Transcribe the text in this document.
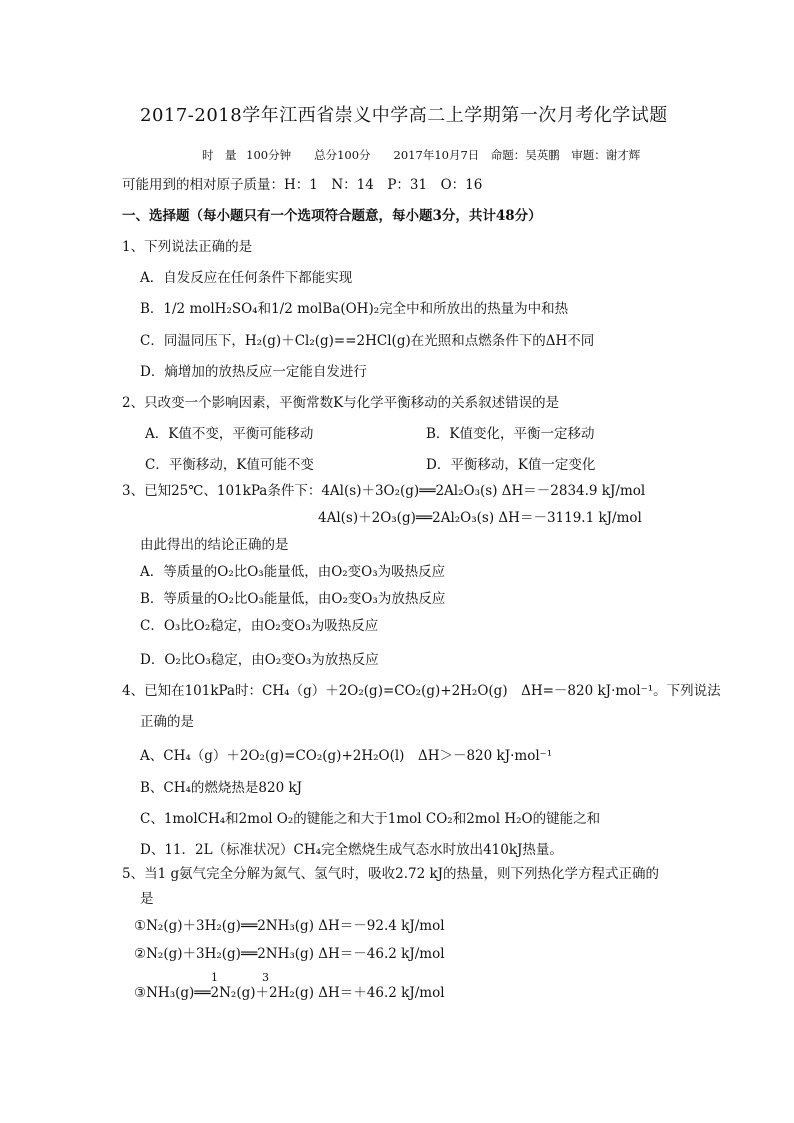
2017-2018学年江西省崇义中学高二上学期第一次月考化学试题
时　量 100分钟　　总分100分　　2017年10月7日　命题：吴英鹏　审题：谢才辉
可能用到的相对原子质量：H：1　N：14　P：31　O：16
一、选择题（每小题只有一个选项符合题意，每小题3分，共计48分）
1、下列说法正确的是
A．自发反应在任何条件下都能实现
B．1/2 molH₂SO₄和1/2 molBa(OH)₂完全中和所放出的热量为中和热
C．同温同压下，H₂(g)＋Cl₂(g)==2HCl(g)在光照和点燃条件下的ΔH不同
D．熵增加的放热反应一定能自发进行
2、只改变一个影响因素，平衡常数K与化学平衡移动的关系叙述错误的是
A．K值不变，平衡可能移动	B．K值变化，平衡一定移动
C．平衡移动，K值可能不变	D．平衡移动，K值一定变化
3、已知25℃、101kPa条件下：4Al(s)＋3O₂(g)══2Al₂O₃(s) ΔH＝－2834.9 kJ/mol
4Al(s)＋2O₃(g)══2Al₂O₃(s) ΔH＝－3119.1 kJ/mol
由此得出的结论正确的是
A．等质量的O₂比O₃能量低，由O₂变O₃为吸热反应
B．等质量的O₂比O₃能量低，由O₂变O₃为放热反应
C．O₃比O₂稳定，由O₂变O₃为吸热反应
D．O₂比O₃稳定，由O₂变O₃为放热反应
4、已知在101kPa时：CH₄（g）＋2O₂(g)=CO₂(g)+2H₂O(g)　ΔH=－820 kJ·mol⁻¹。下列说法
正确的是
A、CH₄（g）＋2O₂(g)=CO₂(g)+2H₂O(l)　ΔH＞－820 kJ·mol⁻¹
B、CH₄的燃烧热是820 kJ
C、1molCH₄和2mol O₂的键能之和大于1mol CO₂和2mol H₂O的键能之和
D、11．2L（标准状况）CH₄完全燃烧生成气态水时放出410kJ热量。
5、当1 g氨气完全分解为氮气、氢气时，吸收2.72 kJ的热量，则下列热化学方程式正确的
是
①N₂(g)＋3H₂(g)══2NH₃(g) ΔH＝－92.4 kJ/mol
②N₂(g)＋3H₂(g)══2NH₃(g) ΔH＝－46.2 kJ/mol
1	3
③NH₃(g)══2N₂(g)＋2H₂(g) ΔH＝＋46.2 kJ/mol
